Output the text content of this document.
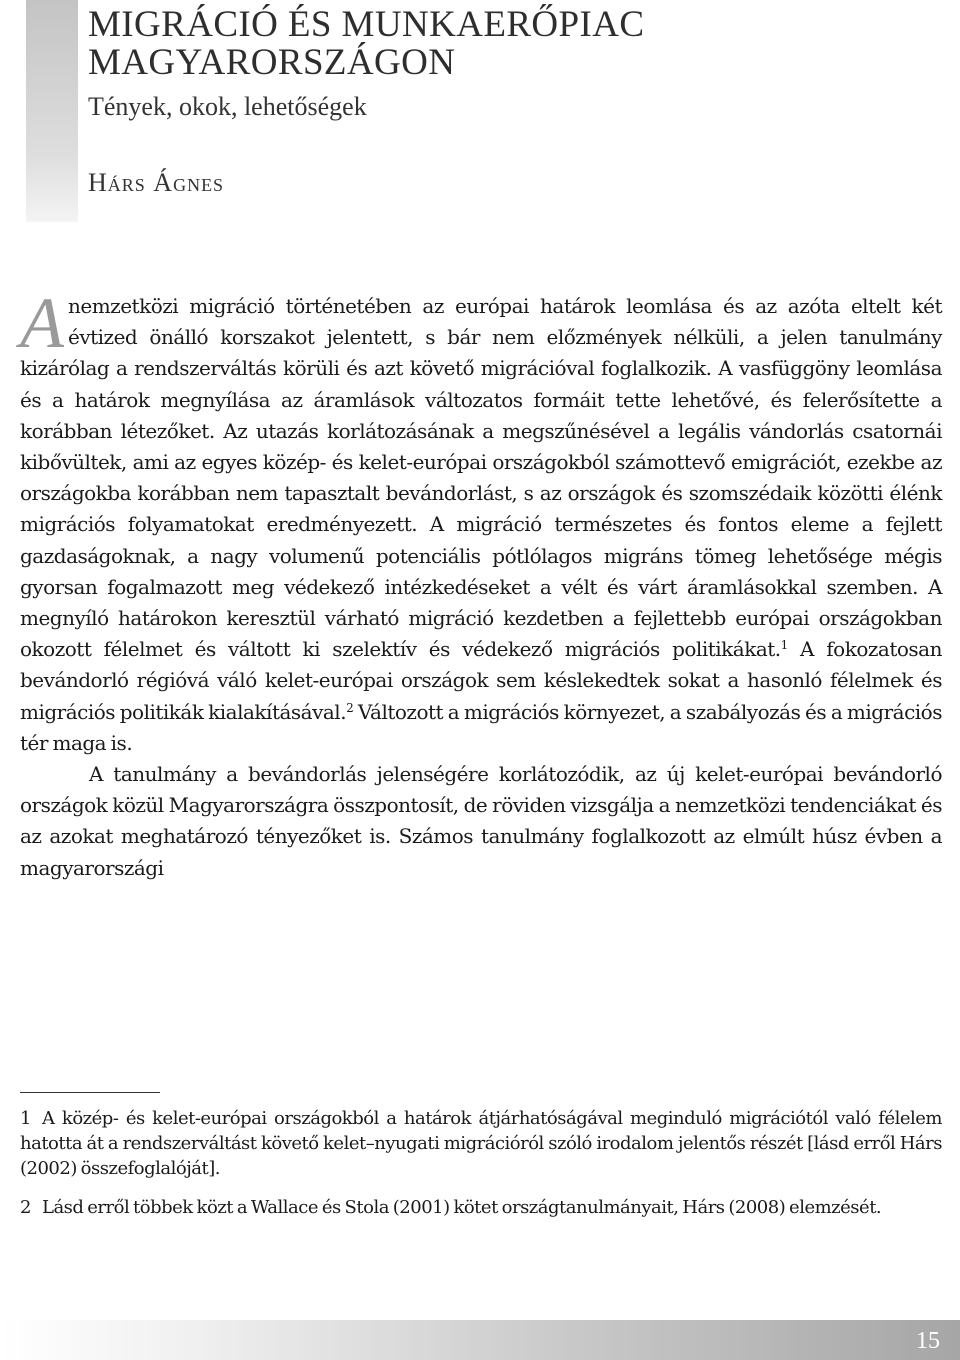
MIGRÁCIÓ ÉS MUNKAERŐPIAC
MAGYARORSZÁGON
Tények, okok, lehetőségek
Hárs Ágnes

Anemzetközi migráció történetében az európai határok leomlása és az azóta eltelt két évtized önálló korszakot jelentett, s bár nem előzmények nélküli, a jelen tanulmány kizárólag a rendszerváltás körüli és azt követő migrációval foglalkozik. A vasfüggöny leomlása és a határok megnyílása az áramlások változatos formáit tette lehetővé, és felerősítette a korábban létezőket. Az utazás korlátozásának a megszűnésével a legális vándorlás csatornái kibővültek, ami az egyes közép- és kelet-európai országokból számottevő emigrációt, ezekbe az országokba korábban nem tapasztalt bevándorlást, s az országok és szomszédaik közötti élénk migrációs folyamatokat eredményezett. A migráció természetes és fontos eleme a fejlett gazdaságoknak, a nagy volumenű potenciális pótlólagos migráns tömeg lehetősége mégis gyorsan fogalmazott meg védekező intézkedéseket a vélt és várt áramlásokkal szemben. A megnyíló határokon keresztül várható migráció kezdetben a fejlettebb európai országokban okozott félelmet és váltott ki szelektív és védekező migrációs politikákat.$^1$ A fokozatosan bevándorló régióvá váló kelet-európai országok sem késlekedtek sokat a hasonló félelmek és migrációs politikák kialakításával.$^2$ Változott a migrációs környezet, a szabályozás és a migrációs tér maga is.

A tanulmány a bevándorlás jelenségére korlátozódik, az új kelet-európai bevándorló országok közül Magyarországra összpontosít, de röviden vizsgálja a nemzetközi tendenciákat és az azokat meghatározó tényezőket is. Számos tanulmány foglalkozott az elmúlt húsz évben a magyarországi

1 A közép- és kelet-európai országokból a határok átjárhatóságával meginduló migrációtól való félelem hatotta át a rendszerváltást követő kelet–nyugati migrációról szóló irodalom jelentős részét [lásd erről Hárs (2002) összefoglalóját].

2 Lásd erről többek közt a Wallace és Stola (2001) kötet országtanulmányait, Hárs (2008) elemzését.

15
